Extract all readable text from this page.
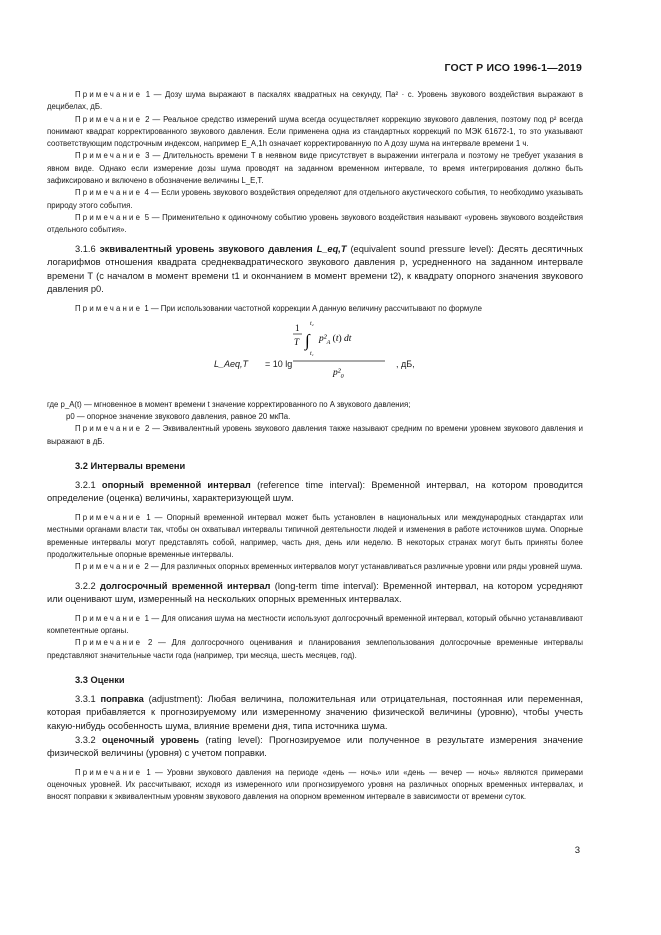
ГОСТ Р ИСО 1996-1—2019

Примечание 1 — Дозу шума выражают в паскалях квадратных на секунду, Па² · с. Уровень звукового воздействия выражают в децибелах, дБ.

Примечание 2 — Реальное средство измерений шума всегда осуществляет коррекцию звукового давления, поэтому под p² всегда понимают квадрат корректированного звукового давления. Если применена одна из стандартных коррекций по МЭК 61672-1, то это указывают соответствующим подстрочным индексом, например E_A,1h означает корректированную по A дозу шума на интервале времени 1 ч.

Примечание 3 — Длительность времени T в неявном виде присутствует в выражении интеграла и поэтому не требует указания в явном виде. Однако если измерение дозы шума проводят на заданном временном интервале, то время интегрирования должно быть зафиксировано и включено в обозначение величины L_E,T.

Примечание 4 — Если уровень звукового воздействия определяют для отдельного акустического события, то необходимо указывать природу этого события.

Примечание 5 — Применительно к одиночному событию уровень звукового воздействия называют «уровень звукового воздействия отдельного события».

3.1.6 эквивалентный уровень звукового давления L_eq,T (equivalent sound pressure level): Десять десятичных логарифмов отношения квадрата среднеквадратического звукового давления p, усредненного на заданном интервале времени T (с началом в момент времени t1 и окончанием в момент времени t2), к квадрату опорного значения звукового давления p0.

Примечание 1 — При использовании частотной коррекции A данную величину рассчитывают по формуле

L_Aeq,T = 10 lg
1
T ∫
t₂
t₁
$p^2_A$ (t) dt
$p^2_0$
, дБ,

где p_A(t) — мгновенное в момент времени t значение корректированного по A звукового давления;

p0 — опорное значение звукового давления, равное 20 мкПа.

Примечание 2 — Эквивалентный уровень звукового давления также называют средним по времени уровнем звукового давления и выражают в дБ.

3.2 Интервалы времени

3.2.1 опорный временной интервал (reference time interval): Временной интервал, на котором проводится определение (оценка) величины, характеризующей шум.

Примечание 1 — Опорный временной интервал может быть установлен в национальных или международных стандартах или местными органами власти так, чтобы он охватывал интервалы типичной деятельности людей и изменения в работе источников шума. Опорные временные интервалы могут представлять собой, например, часть дня, день или неделю. В некоторых странах могут быть приняты более продолжительные опорные временные интервалы.

Примечание 2 — Для различных опорных временных интервалов могут устанавливаться различные уровни или ряды уровней шума.

3.2.2 долгосрочный временной интервал (long-term time interval): Временной интервал, на котором усредняют или оценивают шум, измеренный на нескольких опорных временных интервалах.

Примечание 1 — Для описания шума на местности используют долгосрочный временной интервал, который обычно устанавливают компетентные органы.

Примечание 2 — Для долгосрочного оценивания и планирования землепользования долгосрочные временные интервалы представляют значительные части года (например, три месяца, шесть месяцев, год).

3.3 Оценки

3.3.1 поправка (adjustment): Любая величина, положительная или отрицательная, постоянная или переменная, которая прибавляется к прогнозируемому или измеренному значению физической величины (уровню), чтобы учесть какую-нибудь особенность шума, влияние времени дня, типа источника шума.

3.3.2 оценочный уровень (rating level): Прогнозируемое или полученное в результате измерения значение физической величины (уровня) с учетом поправки.

Примечание 1 — Уровни звукового давления на периоде «день — ночь» или «день — вечер — ночь» являются примерами оценочных уровней. Их рассчитывают, исходя из измеренного или прогнозируемого уровня на различных опорных временных интервалах, и вносят поправки к эквивалентным уровням звукового давления на опорном временном интервале в зависимости от времени суток.

3
